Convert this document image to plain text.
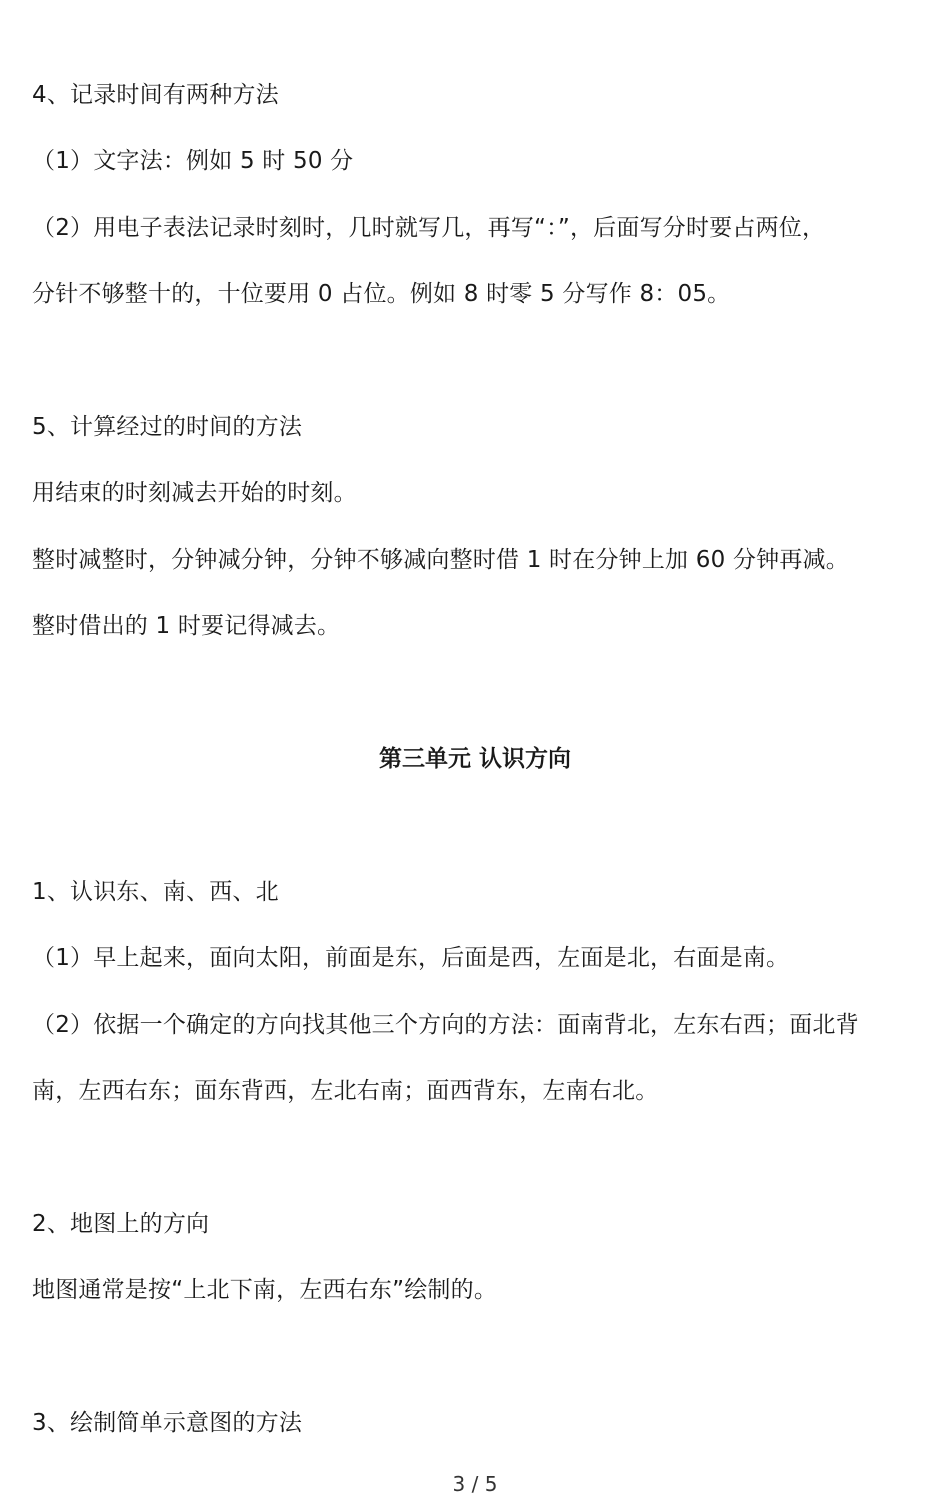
4、记录时间有两种方法
（1）文字法：例如 5 时 50 分
（2）用电子表法记录时刻时，几时就写几，再写“：”，后面写分时要占两位，
分针不够整十的，十位要用 0 占位。例如 8 时零 5 分写作 8：05。
5、计算经过的时间的方法
用结束的时刻减去开始的时刻。
整时减整时，分钟减分钟，分钟不够减向整时借 1 时在分钟上加 60 分钟再减。
整时借出的 1 时要记得减去。
第三单元 认识方向
1、认识东、南、西、北
（1）早上起来，面向太阳，前面是东，后面是西，左面是北，右面是南。
（2）依据一个确定的方向找其他三个方向的方法：面南背北，左东右西；面北背
南，左西右东；面东背西，左北右南；面西背东，左南右北。
2、地图上的方向
地图通常是按“上北下南，左西右东”绘制的。
3、绘制简单示意图的方法
3 / 5
